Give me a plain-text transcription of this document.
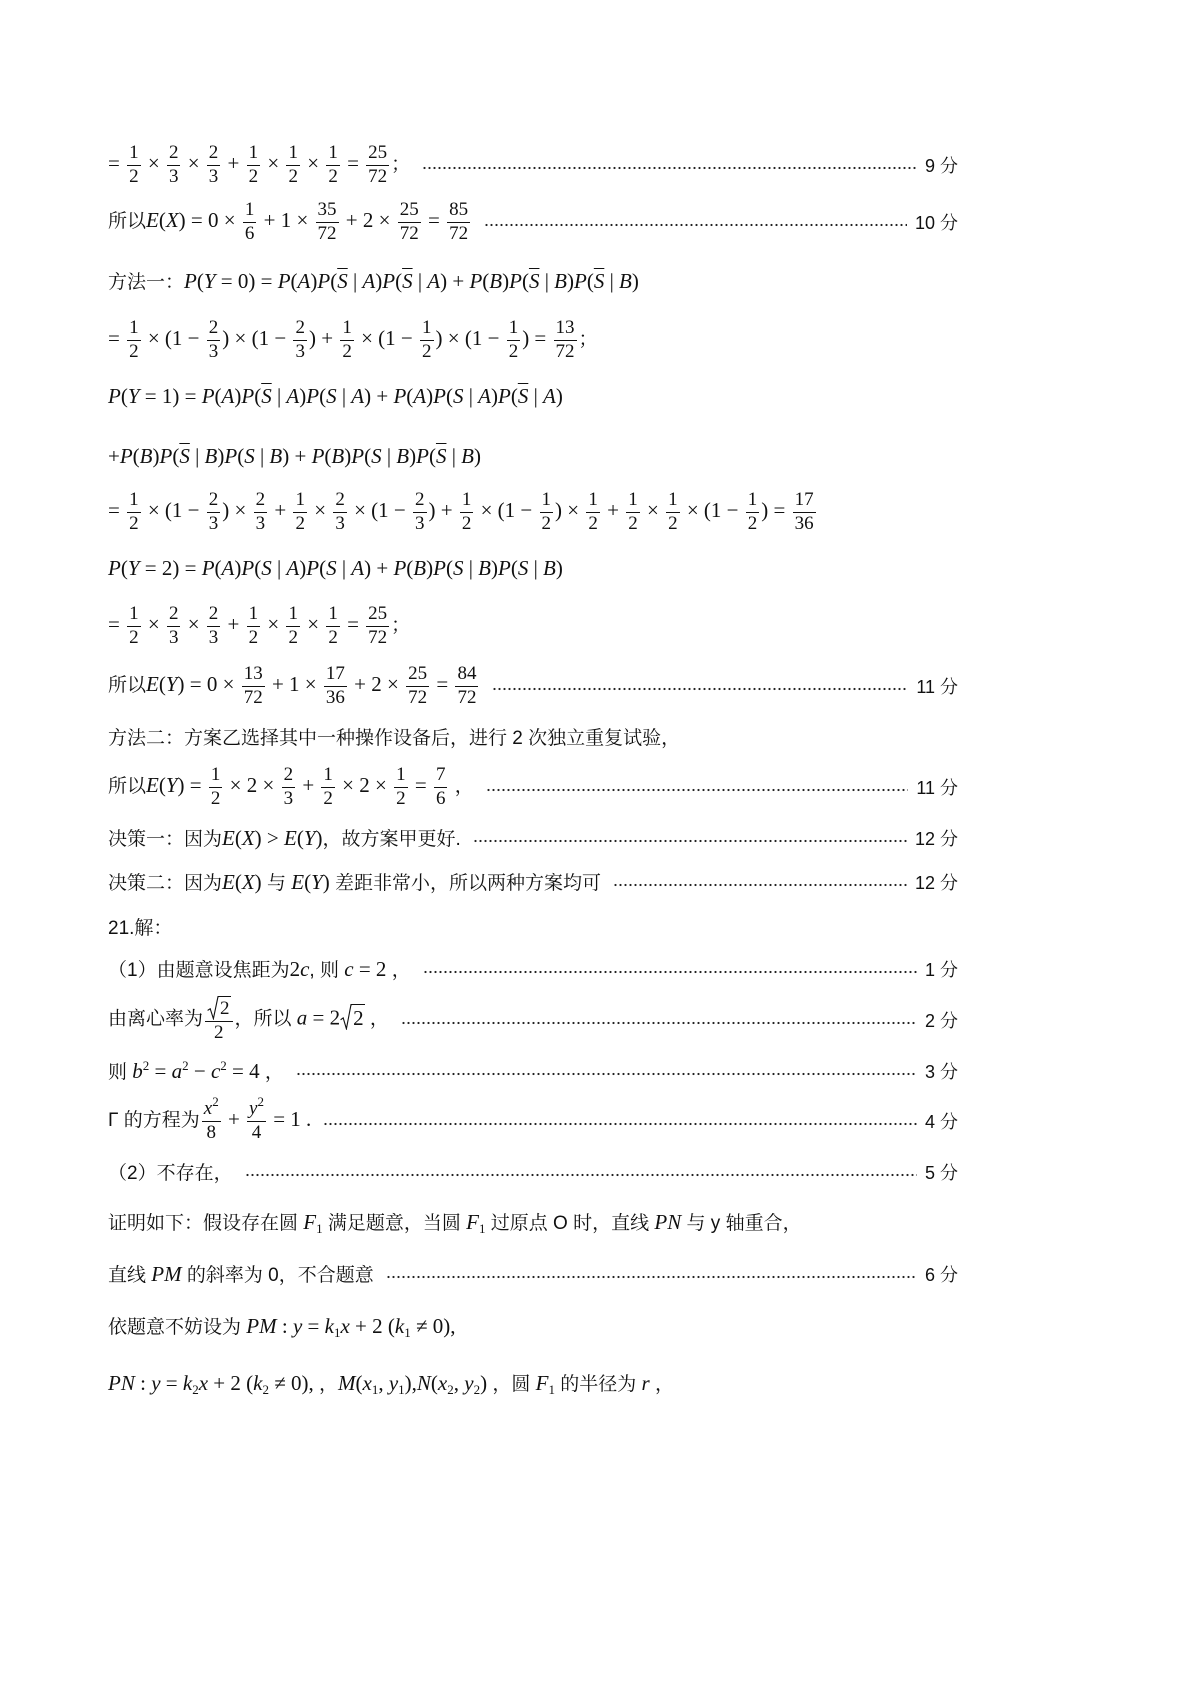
= $\frac{1}{2} \times \frac{2}{3} \times \frac{2}{3} + \frac{1}{2} \times \frac{1}{2} \times \frac{1}{2} = \frac{25}{72}$ ；	9 分
所以$E(X) = 0 \times \frac{1}{6} + 1 \times \frac{35}{72} + 2 \times \frac{25}{72} = \frac{85}{72}$	10 分
方法一：$P(Y = 0) = P(A)P(\overline{S}$ | $A)P(\overline{S}$ | $A) + P(B)P(\overline{S}$ | $B)P(\overline{S}$ | B)
= $\frac{1}{2} \times (1 - \frac{2}{3}$ ) × ($1 - \frac{2}{3}$ ) + $\frac{1}{2} \times (1 - \frac{1}{2}$ ) × ($1 - \frac{1}{2}$ ) = $\frac{13}{72}$ ；
$P(Y = 1) = P(A)P(\overline{S}$ | A)P(S | A) + P(A)P(S | $A)P(\overline{S}$ | A)
$+P(B)P(\overline{S}$ | B)P(S | B) + P(B)P(S | $B)P(\overline{S}$ | B)
= $\frac{1}{2} \times (1 - \frac{2}{3}$ ) × $\frac{2}{3} + \frac{1}{2} \times \frac{2}{3} \times (1 - \frac{2}{3}$ ) + $\frac{1}{2} \times (1 - \frac{1}{2}$ ) × $\frac{1}{2} + \frac{1}{2} \times \frac{1}{2} \times (1 - \frac{1}{2}$ ) = $\frac{17}{36}$
P(Y = 2) = P(A)P(S | A)P(S | A) + P(B)P(S | B)P(S | B)
= $\frac{1}{2} \times \frac{2}{3} \times \frac{2}{3} + \frac{1}{2} \times \frac{1}{2} \times \frac{1}{2} = \frac{25}{72}$ ；
所以$E(Y) = 0 \times \frac{13}{72} + 1 \times \frac{17}{36} + 2 \times \frac{25}{72} = \frac{84}{72}$	11 分
方法二：方案乙选择其中一种操作设备后，进行 2 次独立重复试验，
所以$E(Y) = \frac{1}{2} \times 2 \times \frac{2}{3} + \frac{1}{2} \times 2 \times \frac{1}{2} = \frac{7}{6}$ ，	11 分
决策一：因为E(X) > E(Y)，故方案甲更好.	12 分
决策二：因为E(X) 与 E(Y) 差距非常小，所以两种方案均可	12 分
21.解：
（1）由题意设焦距为2c, 则 c = 2 ，	1 分
由离心率为 $\frac{2}{2}$ ，所以 a = 2 2 ，	2 分
则 $b^2 = a^2 - c^2 = 4$ ，	3 分
Γ 的方程为 $\frac{x^2}{8} + \frac{y^2}{4} = 1$ .	4 分
（2）不存在，	5 分
证明如下：假设存在圆 F1 满足题意，当圆 F1 过原点 O 时，直线 PN 与 y 轴重合，
直线 PM 的斜率为 0，不合题意	6 分
依题意不妨设为 PM : y = k1x + 2 (k1 ≠ 0),
PN : y = k2x + 2 (k2 ≠ 0), ，M(x1, y1),N(x2, y2) ，圆 F1 的半径为 r ，
